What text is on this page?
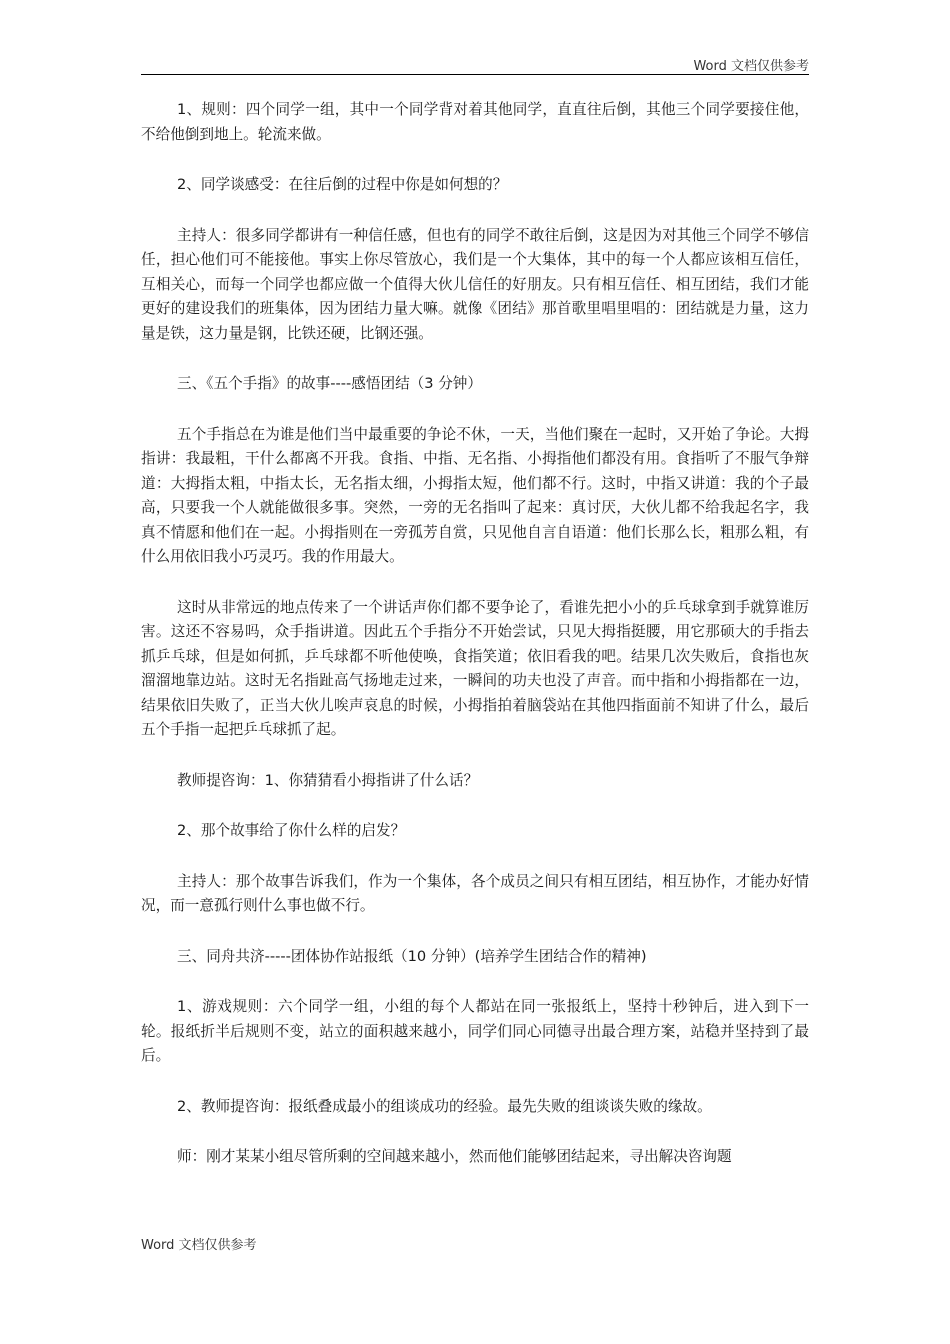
Word 文档仅供参考

1、规则：四个同学一组，其中一个同学背对着其他同学，直直往后倒，其他三个同学要接住他，不给他倒到地上。轮流来做。

2、同学谈感受：在往后倒的过程中你是如何想的？

主持人：很多同学都讲有一种信任感，但也有的同学不敢往后倒，这是因为对其他三个同学不够信任，担心他们可不能接他。事实上你尽管放心，我们是一个大集体，其中的每一个人都应该相互信任，互相关心，而每一个同学也都应做一个值得大伙儿信任的好朋友。只有相互信任、相互团结，我们才能更好的建设我们的班集体，因为团结力量大嘛。就像《团结》那首歌里唱里唱的：团结就是力量，这力量是铁，这力量是钢，比铁还硬，比钢还强。

三、《五个手指》的故事----感悟团结（3 分钟）

五个手指总在为谁是他们当中最重要的争论不休，一天，当他们聚在一起时，又开始了争论。大拇指讲：我最粗，干什么都离不开我。食指、中指、无名指、小拇指他们都没有用。食指听了不服气争辩道：大拇指太粗，中指太长，无名指太细，小拇指太短，他们都不行。这时，中指又讲道：我的个子最高，只要我一个人就能做很多事。突然，一旁的无名指叫了起来：真讨厌，大伙儿都不给我起名字，我真不情愿和他们在一起。小拇指则在一旁孤芳自赏，只见他自言自语道：他们长那么长，粗那么粗，有什么用依旧我小巧灵巧。我的作用最大。

这时从非常远的地点传来了一个讲话声你们都不要争论了，看谁先把小小的乒乓球拿到手就算谁厉害。这还不容易吗，众手指讲道。因此五个手指分不开始尝试，只见大拇指挺腰，用它那硕大的手指去抓乒乓球，但是如何抓，乒乓球都不听他使唤，食指笑道；依旧看我的吧。结果几次失败后，食指也灰溜溜地靠边站。这时无名指趾高气扬地走过来，一瞬间的功夫也没了声音。而中指和小拇指都在一边，结果依旧失败了，正当大伙儿唉声哀息的时候，小拇指拍着脑袋站在其他四指面前不知讲了什么，最后五个手指一起把乒乓球抓了起。

教师提咨询：1、你猜猜看小拇指讲了什么话？

2、那个故事给了你什么样的启发？

主持人：那个故事告诉我们，作为一个集体，各个成员之间只有相互团结，相互协作，才能办好情况，而一意孤行则什么事也做不行。

三、同舟共济-----团体协作站报纸（10 分钟）(培养学生团结合作的精神)

1、游戏规则：六个同学一组，小组的每个人都站在同一张报纸上，坚持十秒钟后，进入到下一轮。报纸折半后规则不变，站立的面积越来越小，同学们同心同德寻出最合理方案，站稳并坚持到了最后。

2、教师提咨询：报纸叠成最小的组谈成功的经验。最先失败的组谈谈失败的缘故。

师：刚才某某小组尽管所剩的空间越来越小，然而他们能够团结起来，寻出解决咨询题

Word 文档仅供参考
